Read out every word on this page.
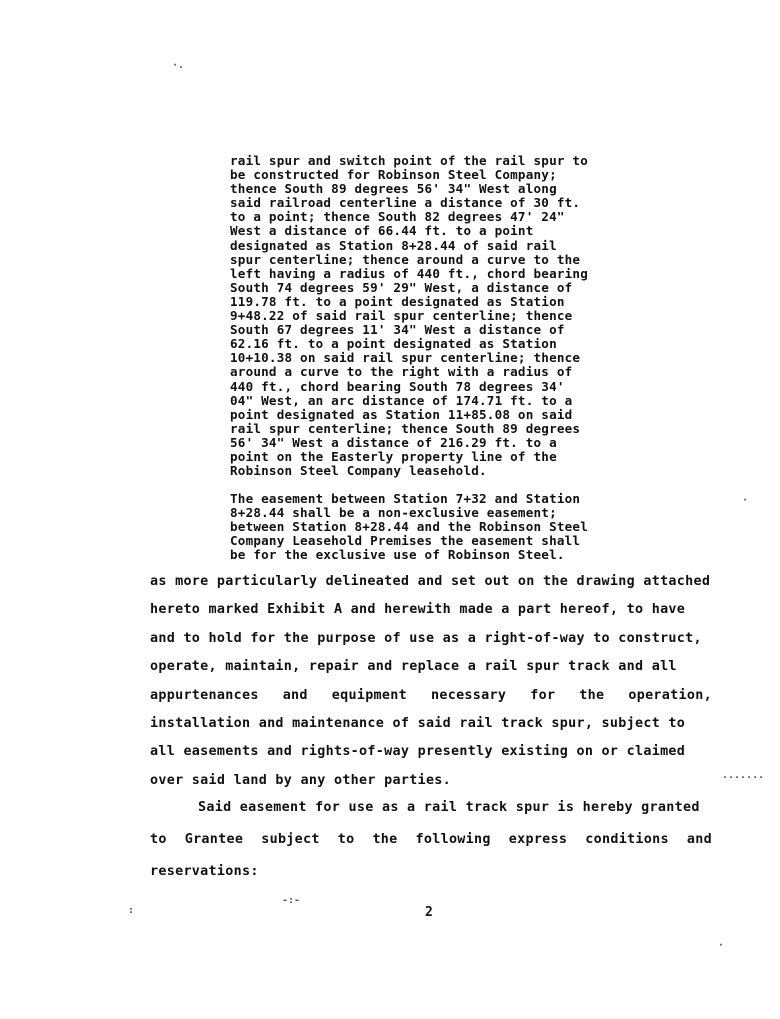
·.
·
-:-
:
·
.......
rail spur and switch point of the rail spur to
be constructed for Robinson Steel Company;
thence South 89 degrees 56' 34" West along
said railroad centerline a distance of 30 ft.
to a point; thence South 82 degrees 47' 24"
West a distance of 66.44 ft. to a point
designated as Station 8+28.44 of said rail
spur centerline; thence around a curve to the
left having a radius of 440 ft., chord bearing
South 74 degrees 59' 29" West, a distance of
119.78 ft. to a point designated as Station
9+48.22 of said rail spur centerline; thence
South 67 degrees 11' 34" West a distance of
62.16 ft. to a point designated as Station
10+10.38 on said rail spur centerline; thence
around a curve to the right with a radius of
440 ft., chord bearing South 78 degrees 34'
04" West, an arc distance of 174.71 ft. to a
point designated as Station 11+85.08 on said
rail spur centerline; thence South 89 degrees
56' 34" West a distance of 216.29 ft. to a
point on the Easterly property line of the
Robinson Steel Company leasehold.
The easement between Station 7+32 and Station
8+28.44 shall be a non-exclusive easement;
between Station 8+28.44 and the Robinson Steel
Company Leasehold Premises the easement shall
be for the exclusive use of Robinson Steel.
as more particularly delineated and set out on the drawing attached
hereto marked Exhibit A and herewith made a part hereof, to have
and to hold for the purpose of use as a right-of-way to construct,
operate, maintain, repair and replace a rail spur track and all
appurtenances and equipment necessary for the operation,
installation and maintenance of said rail track spur, subject to
all easements and rights-of-way presently existing on or claimed
over said land by any other parties.
Said easement for use as a rail track spur is hereby granted
to Grantee subject to the following express conditions and
reservations:
2
